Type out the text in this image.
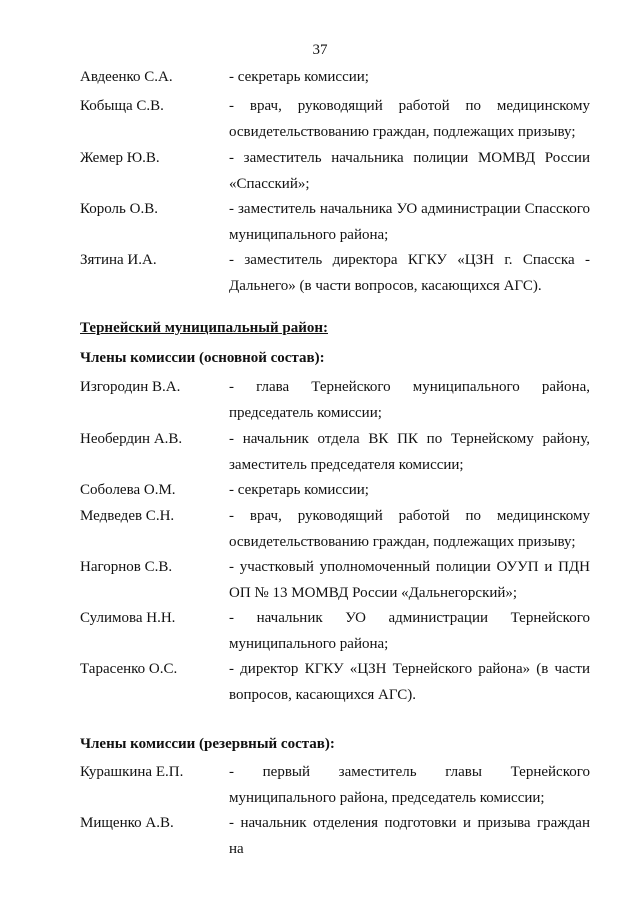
37
Авдеенко С.А.	- секретарь комиссии;
Кобыща С.В.	- врач, руководящий работой по медицинскому освидетельствованию граждан, подлежащих призыву;
Жемер Ю.В.	- заместитель начальника полиции МОМВД России «Спасский»;
Король О.В.	- заместитель начальника УО администрации Спасского муниципального района;
Зятина И.А.	- заместитель директора КГКУ «ЦЗН г. Спасска - Дальнего» (в части вопросов, касающихся АГС).
Тернейский муниципальный район:
Члены комиссии (основной состав):
Изгородин В.А.	- глава Тернейского муниципального района, председатель комиссии;
Необердин А.В.	- начальник отдела ВК ПК по Тернейскому району, заместитель председателя комиссии;
Соболева О.М.	- секретарь комиссии;
Медведев С.Н.	- врач, руководящий работой по медицинскому освидетельствованию граждан, подлежащих призыву;
Нагорнов С.В.	- участковый уполномоченный полиции ОУУП и ПДН ОП № 13 МОМВД России «Дальнегорский»;
Сулимова Н.Н.	- начальник УО администрации Тернейского муниципального района;
Тарасенко О.С.	- директор КГКУ «ЦЗН Тернейского района» (в части вопросов, касающихся АГС).
Члены комиссии (резервный состав):
Курашкина Е.П.	- первый заместитель главы Тернейского муниципального района, председатель комиссии;
Мищенко А.В.	- начальник отделения подготовки и призыва граждан на
